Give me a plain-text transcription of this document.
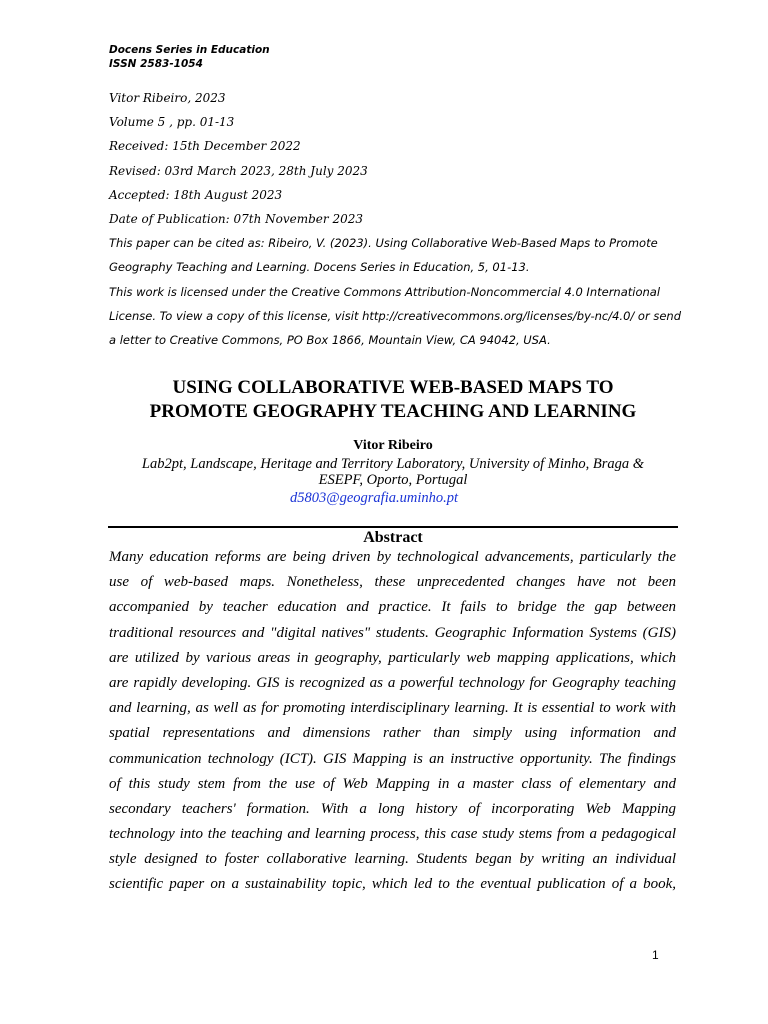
Docens Series in Education
ISSN 2583-1054
Vitor Ribeiro, 2023
Volume 5 , pp. 01-13
Received: 15th December 2022
Revised: 03rd March 2023, 28th July 2023
Accepted: 18th August 2023
Date of Publication: 07th November 2023
This paper can be cited as: Ribeiro, V. (2023). Using Collaborative Web-Based Maps to Promote
Geography Teaching and Learning. Docens Series in Education, 5, 01-13.
This work is licensed under the Creative Commons Attribution-Noncommercial 4.0 International
License. To view a copy of this license, visit http://creativecommons.org/licenses/by-nc/4.0/ or send
a letter to Creative Commons, PO Box 1866, Mountain View, CA 94042, USA.
USING COLLABORATIVE WEB-BASED MAPS TO
PROMOTE GEOGRAPHY TEACHING AND LEARNING
Vitor Ribeiro
Lab2pt, Landscape, Heritage and Territory Laboratory, University of Minho, Braga &
ESEPF, Oporto, Portugal
d5803@geografia.uminho.pt
Abstract
Many education reforms are being driven by technological advancements, particularly the
use of web-based maps. Nonetheless, these unprecedented changes have not been
accompanied by teacher education and practice. It fails to bridge the gap between
traditional resources and "digital natives" students. Geographic Information Systems (GIS)
are utilized by various areas in geography, particularly web mapping applications, which
are rapidly developing. GIS is recognized as a powerful technology for Geography teaching
and learning, as well as for promoting interdisciplinary learning. It is essential to work with
spatial representations and dimensions rather than simply using information and
communication technology (ICT). GIS Mapping is an instructive opportunity. The findings
of this study stem from the use of Web Mapping in a master class of elementary and
secondary teachers' formation. With a long history of incorporating Web Mapping
technology into the teaching and learning process, this case study stems from a pedagogical
style designed to foster collaborative learning. Students began by writing an individual
scientific paper on a sustainability topic, which led to the eventual publication of a book,
1
